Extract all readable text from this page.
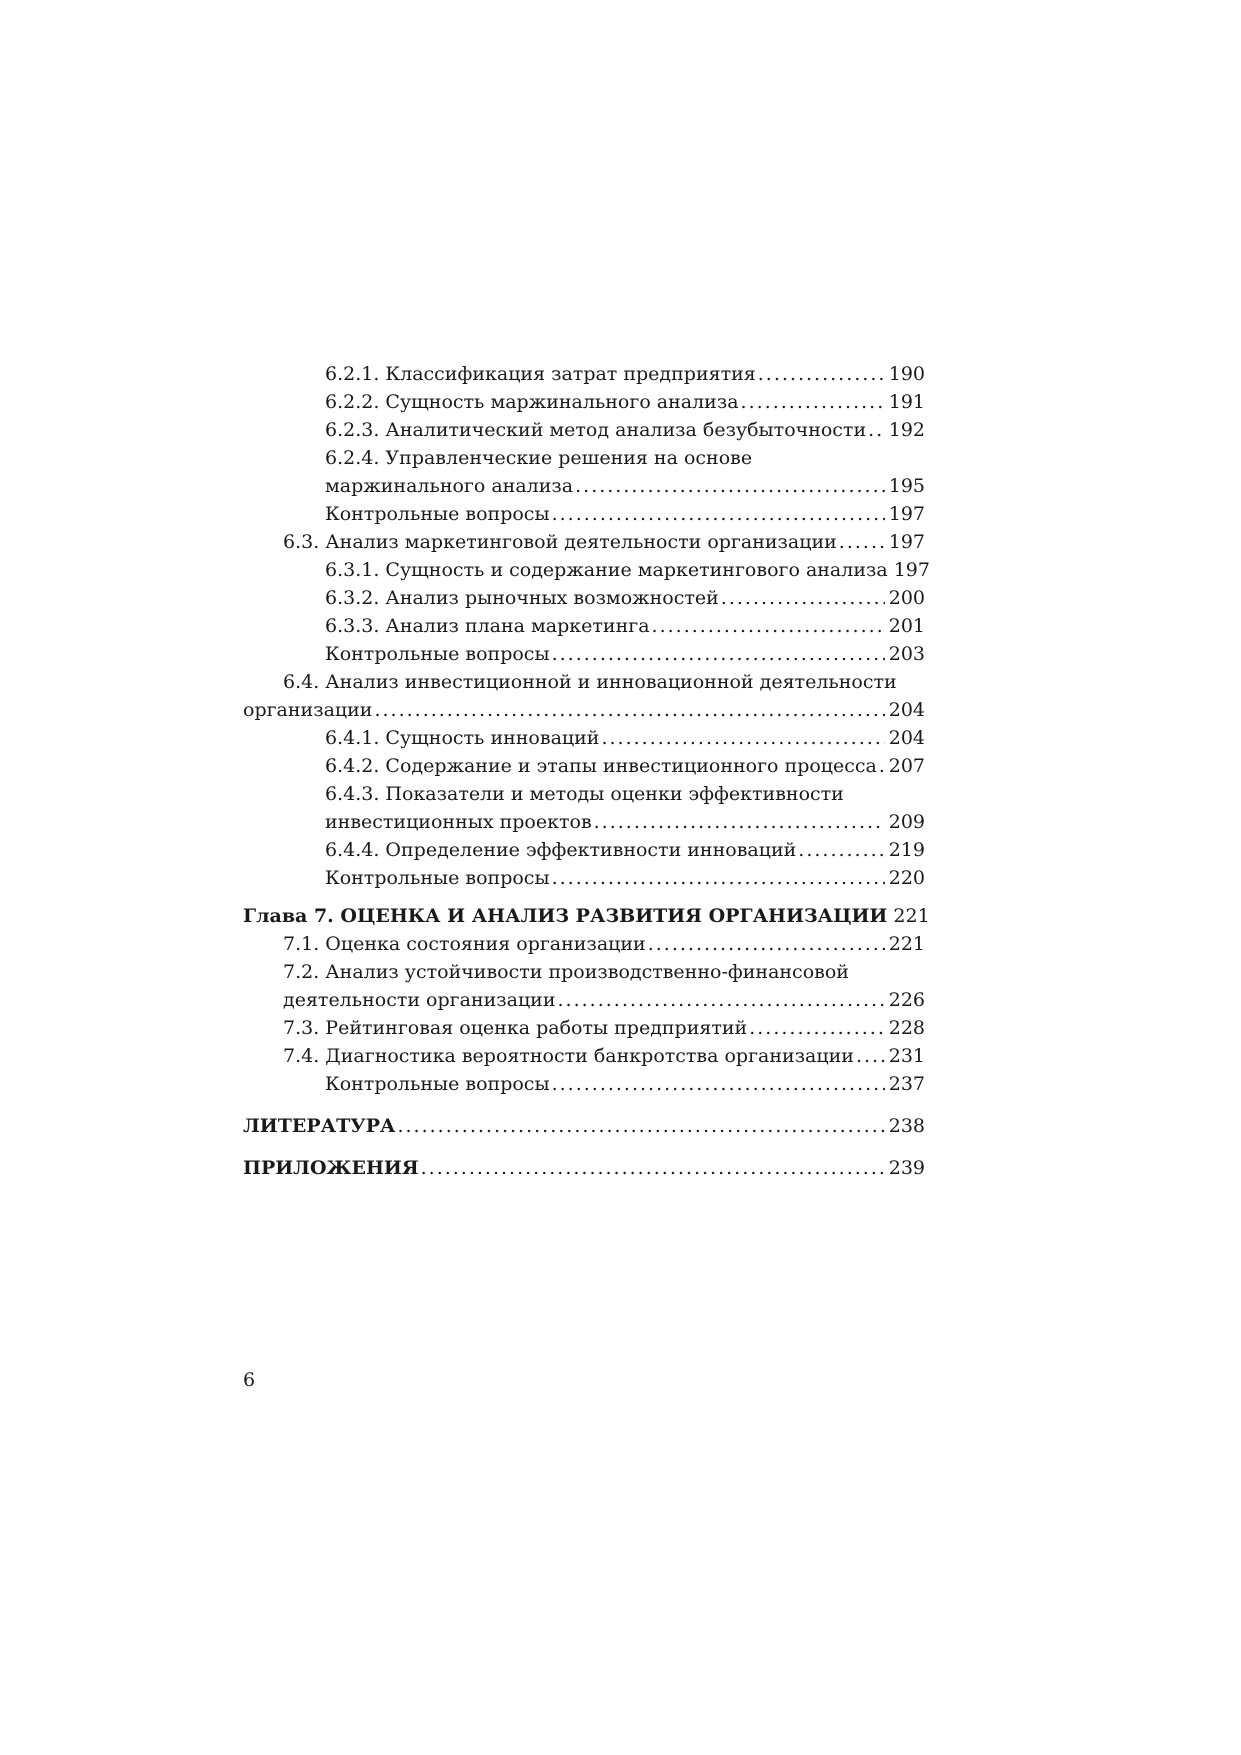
6.2.1. Классификация затрат предприятия .....	190
6.2.2. Сущность маржинального анализа .....	191
6.2.3. Аналитический метод анализа безубыточности ..... 192
6.2.4. Управленческие решения на основе
маржинального анализа .....	195
Контрольные вопросы .....	197
6.3. Анализ маркетинговой деятельности организации .....	197
6.3.1. Сущность и содержание маркетингового анализа 197
6.3.2. Анализ рыночных возможностей .....	200
6.3.3. Анализ плана маркетинга .....	201
Контрольные вопросы .....	203
6.4. Анализ инвестиционной и инновационной деятельности
организации .....	204
6.4.1. Сущность инноваций .....	204
6.4.2. Содержание и этапы инвестиционного процесса ..... 207
6.4.3. Показатели и методы оценки эффективности
инвестиционных проектов .....	209
6.4.4. Определение эффективности инноваций .....	219
Контрольные вопросы .....	220
Глава 7. ОЦЕНКА И АНАЛИЗ РАЗВИТИЯ ОРГАНИЗАЦИИ 221
7.1. Оценка состояния организации .....	221
7.2. Анализ устойчивости производственно-финансовой
деятельности организации .....	226
7.3. Рейтинговая оценка работы предприятий .....	228
7.4. Диагностика вероятности банкротства организации ..... 231
Контрольные вопросы .....	237
ЛИТЕРАТУРА .....	238
ПРИЛОЖЕНИЯ .....	239
6
